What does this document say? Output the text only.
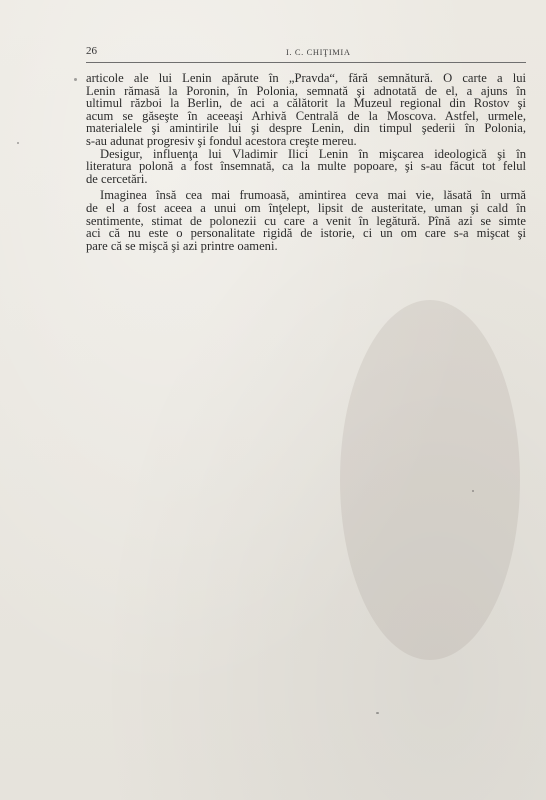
26	I. C. CHIŢIMIA

articole ale lui Lenin apărute în „Pravda“, fără semnătură. O carte a lui
Lenin rămasă la Poronin, în Polonia, semnată şi adnotată de el, a ajuns în
ultimul război la Berlin, de aci a călătorit la Muzeul regional din Rostov şi
acum se găseşte în aceeaşi Arhivă Centrală de la Moscova. Astfel, urmele,
materialele şi amintirile lui şi despre Lenin, din timpul şederii în Polonia,
s-au adunat progresiv şi fondul acestora creşte mereu.

Desigur, influenţa lui Vladimir Ilici Lenin în mişcarea ideologică şi în
literatura polonă a fost însemnată, ca la multe popoare, şi s-au făcut tot felul
de cercetări.

Imaginea însă cea mai frumoasă, amintirea ceva mai vie, lăsată în urmă
de el a fost aceea a unui om înţelept, lipsit de austeritate, uman şi cald în
sentimente, stimat de polonezii cu care a venit în legătură. Pînă azi se simte
aci că nu este o personalitate rigidă de istorie, ci un om care s-a mişcat şi
pare că se mişcă şi azi printre oameni.
